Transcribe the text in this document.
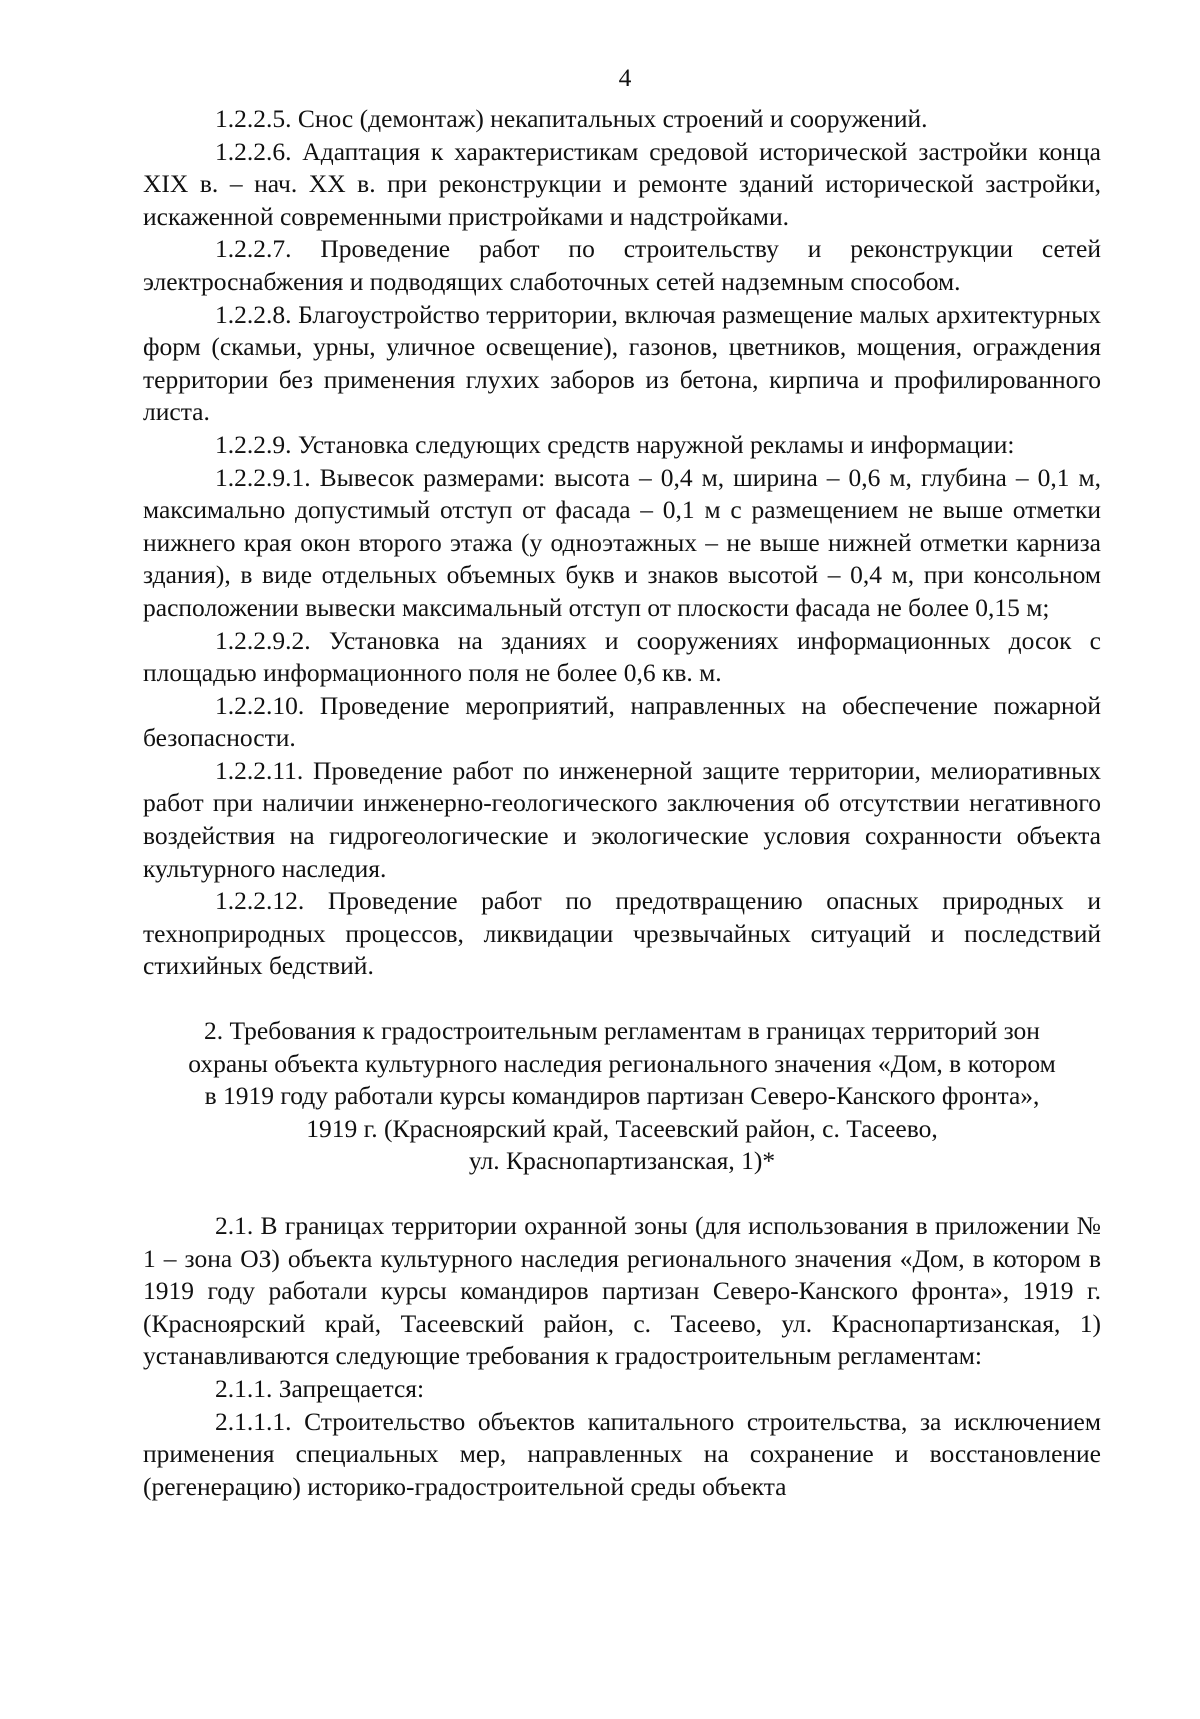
4

1.2.2.5. Снос (демонтаж) некапитальных строений и сооружений.

1.2.2.6. Адаптация к характеристикам средовой исторической застройки конца XIX в. – нач. XX в. при реконструкции и ремонте зданий исторической застройки, искаженной современными пристройками и надстройками.

1.2.2.7. Проведение работ по строительству и реконструкции сетей электроснабжения и подводящих слаботочных сетей надземным способом.

1.2.2.8. Благоустройство территории, включая размещение малых архитектурных форм (скамьи, урны, уличное освещение), газонов, цветников, мощения, ограждения территории без применения глухих заборов из бетона, кирпича и профилированного листа.

1.2.2.9. Установка следующих средств наружной рекламы и информации:

1.2.2.9.1. Вывесок размерами: высота – 0,4 м, ширина – 0,6 м, глубина – 0,1 м, максимально допустимый отступ от фасада – 0,1 м с размещением не выше отметки нижнего края окон второго этажа (у одноэтажных – не выше нижней отметки карниза здания), в виде отдельных объемных букв и знаков высотой – 0,4 м, при консольном расположении вывески максимальный отступ от плоскости фасада не более 0,15 м;

1.2.2.9.2. Установка на зданиях и сооружениях информационных досок с площадью информационного поля не более 0,6 кв. м.

1.2.2.10. Проведение мероприятий, направленных на обеспечение пожарной безопасности.

1.2.2.11. Проведение работ по инженерной защите территории, мелиоративных работ при наличии инженерно-геологического заключения об отсутствии негативного воздействия на гидрогеологические и экологические условия сохранности объекта культурного наследия.

1.2.2.12. Проведение работ по предотвращению опасных природных и техноприродных процессов, ликвидации чрезвычайных ситуаций и последствий стихийных бедствий.

2. Требования к градостроительным регламентам в границах территорий зон

охраны объекта культурного наследия регионального значения «Дом, в котором

в 1919 году работали курсы командиров партизан Северо-Канского фронта»,

1919 г. (Красноярский край, Тасеевский район, с. Тасеево,

ул. Краснопартизанская, 1)*

2.1. В границах территории охранной зоны (для использования в приложении № 1 – зона ОЗ) объекта культурного наследия регионального значения «Дом, в котором в 1919 году работали курсы командиров партизан Северо-Канского фронта», 1919 г. (Красноярский край, Тасеевский район, с. Тасеево, ул. Краснопартизанская, 1) устанавливаются следующие требования к градостроительным регламентам:

2.1.1. Запрещается:

2.1.1.1. Строительство объектов капитального строительства, за исключением применения специальных мер, направленных на сохранение и восстановление (регенерацию) историко-градостроительной среды объекта
